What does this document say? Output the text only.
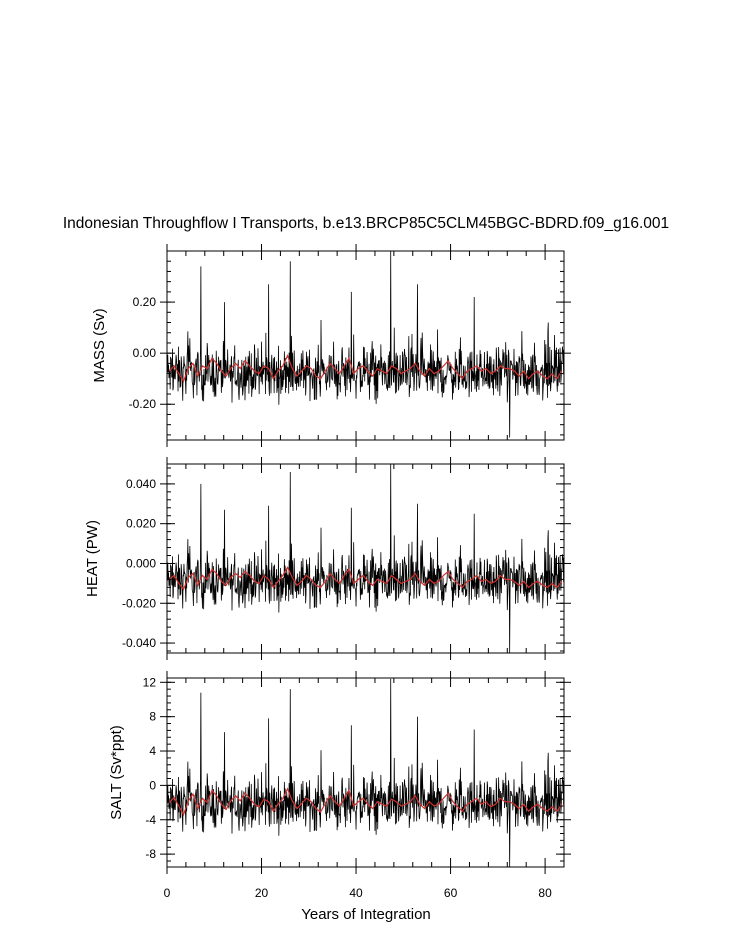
Indonesian Throughflow I Transports, b.e13.BRCP85C5CLM45BGC-BDRD.f09_g16.001
0.20
0.00
-0.20
MASS (Sv)
0.040
0.020
0.000
-0.020
-0.040
HEAT (PW)
12
8
4
0
-4
-8
SALT (Sv*ppt)
0	20	40	60	80
Years of Integration
